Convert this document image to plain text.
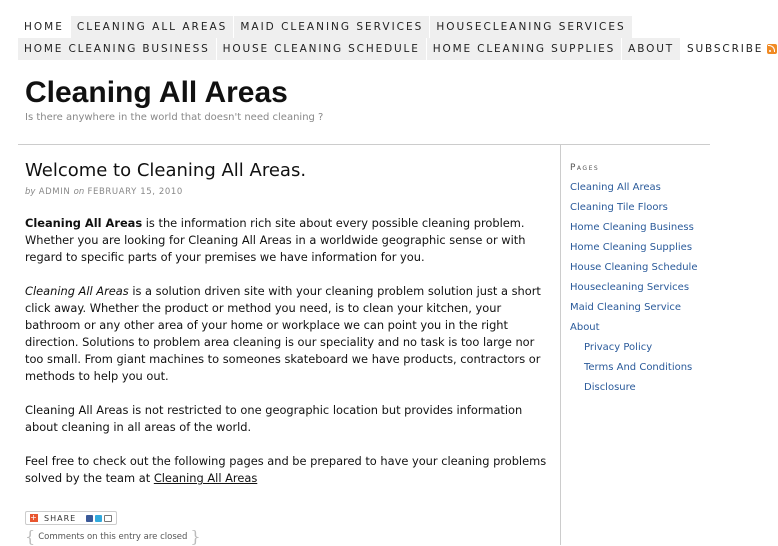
HOME	CLEANING ALL AREAS	MAID CLEANING SERVICES	HOUSECLEANING SERVICES
HOME CLEANING BUSINESS	HOUSE CLEANING SCHEDULE	HOME CLEANING SUPPLIES	ABOUT	SUBSCRIBE
Cleaning All Areas
Is there anywhere in the world that doesn't need cleaning ?
Welcome to Cleaning All Areas.
by ADMIN on FEBRUARY 15, 2010

Cleaning All Areas is the information rich site about every possible cleaning problem. Whether you are looking for Cleaning All Areas in a worldwide geographic sense or with regard to specific parts of your premises we have information for you.

Cleaning All Areas is a solution driven site with your cleaning problem solution just a short click away. Whether the product or method you need, is to clean your kitchen, your bathroom or any other area of your home or workplace we can point you in the right direction. Solutions to problem area cleaning is our speciality and no task is too large nor too small. From giant machines to someones skateboard we have products, contractors or methods to help you out.

Cleaning All Areas is not restricted to one geographic location but provides information about cleaning in all areas of the world.

Feel free to check out the following pages and be prepared to have your cleaning problems solved by the team at Cleaning All Areas

+ SHARE
{ Comments on this entry are closed }
Pages
Cleaning All Areas
Cleaning Tile Floors
Home Cleaning Business
Home Cleaning Supplies
House Cleaning Schedule
Housecleaning Services
Maid Cleaning Service
About
Privacy Policy
Terms And Conditions
Disclosure
